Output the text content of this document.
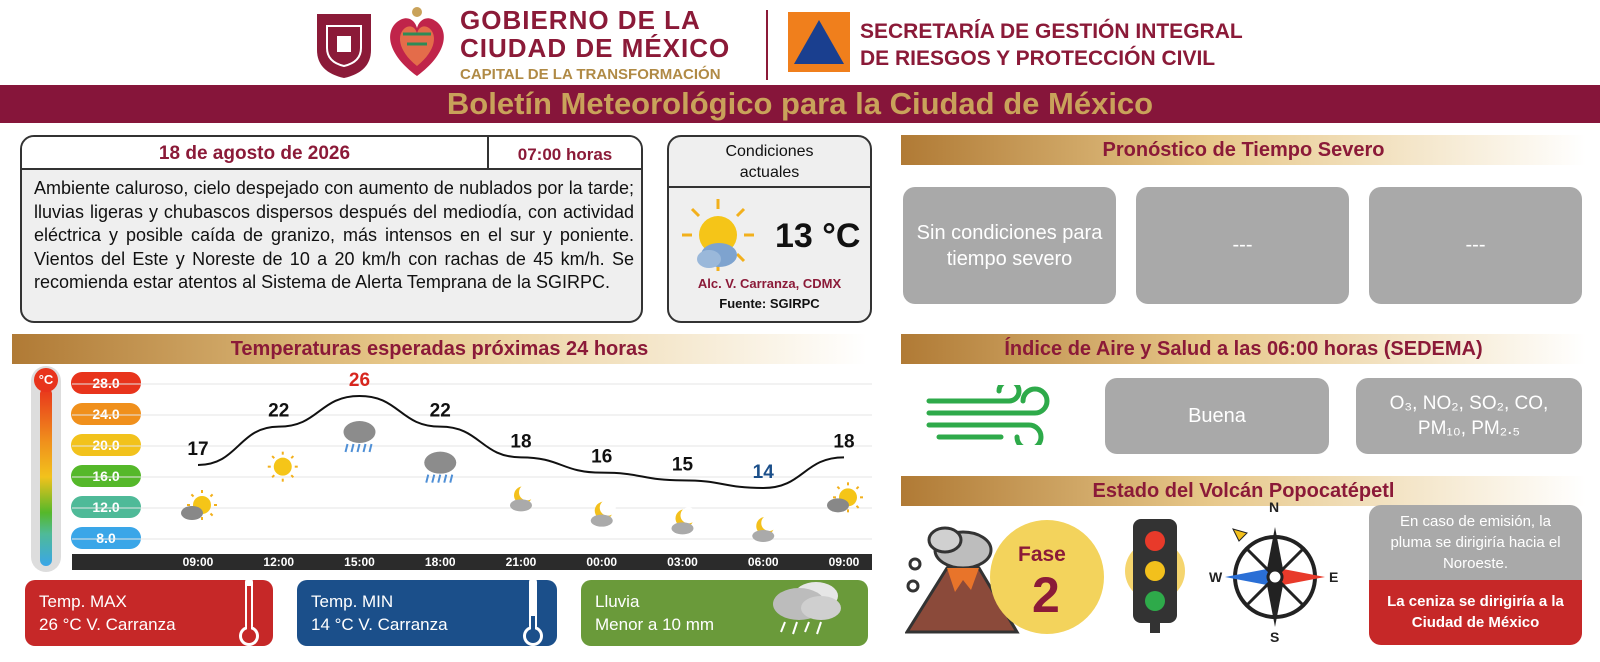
GOBIERNO DE LA
CIUDAD DE MÉXICO
CAPITAL DE LA TRANSFORMACIÓN
SECRETARÍA DE GESTIÓN INTEGRAL
DE RIESGOS Y PROTECCIÓN CIVIL
Boletín Meteorológico para la Ciudad de México
18 de agosto de 2026	07:00 horas
Ambiente caluroso, cielo despejado con aumento de nublados por la tarde; lluvias ligeras y chubascos dispersos después del mediodía, con actividad eléctrica y posible caída de granizo, más intensos en el sur y poniente. Vientos del Este y Noreste de 10 a 20 km/h con rachas de 45 km/h. Se recomienda estar atentos al Sistema de Alerta Temprana de la SGIRPC.
Condiciones actuales
13 °C
Alc. V. Carranza, CDMX
Fuente: SGIRPC
Pronóstico de Tiempo Severo
Sin condiciones para tiempo severo
---	---
Temperaturas esperadas próximas 24 horas
°C	28.0
24.0
20.0
16.0
12.0
8.0
17
22
26
22
18
16	15	14
18
09:00	12:00	15:00	18:00	21:00	00:00	03:00	06:00	09:00
Temp. MAX
26 °C V. Carranza
Temp. MIN
14 °C V. Carranza
Lluvia
Menor a 10 mm
Índice de Aire y Salud a las 06:00 horas (SEDEMA)
Buena
O₃, NO₂, SO₂, CO,
PM₁₀, PM₂.₅
Estado del Volcán Popocatépetl
Fase
2
N
S
W	E
En caso de emisión, la pluma se dirigiría hacia el Noroeste.
La ceniza se dirigiría a la Ciudad de México
